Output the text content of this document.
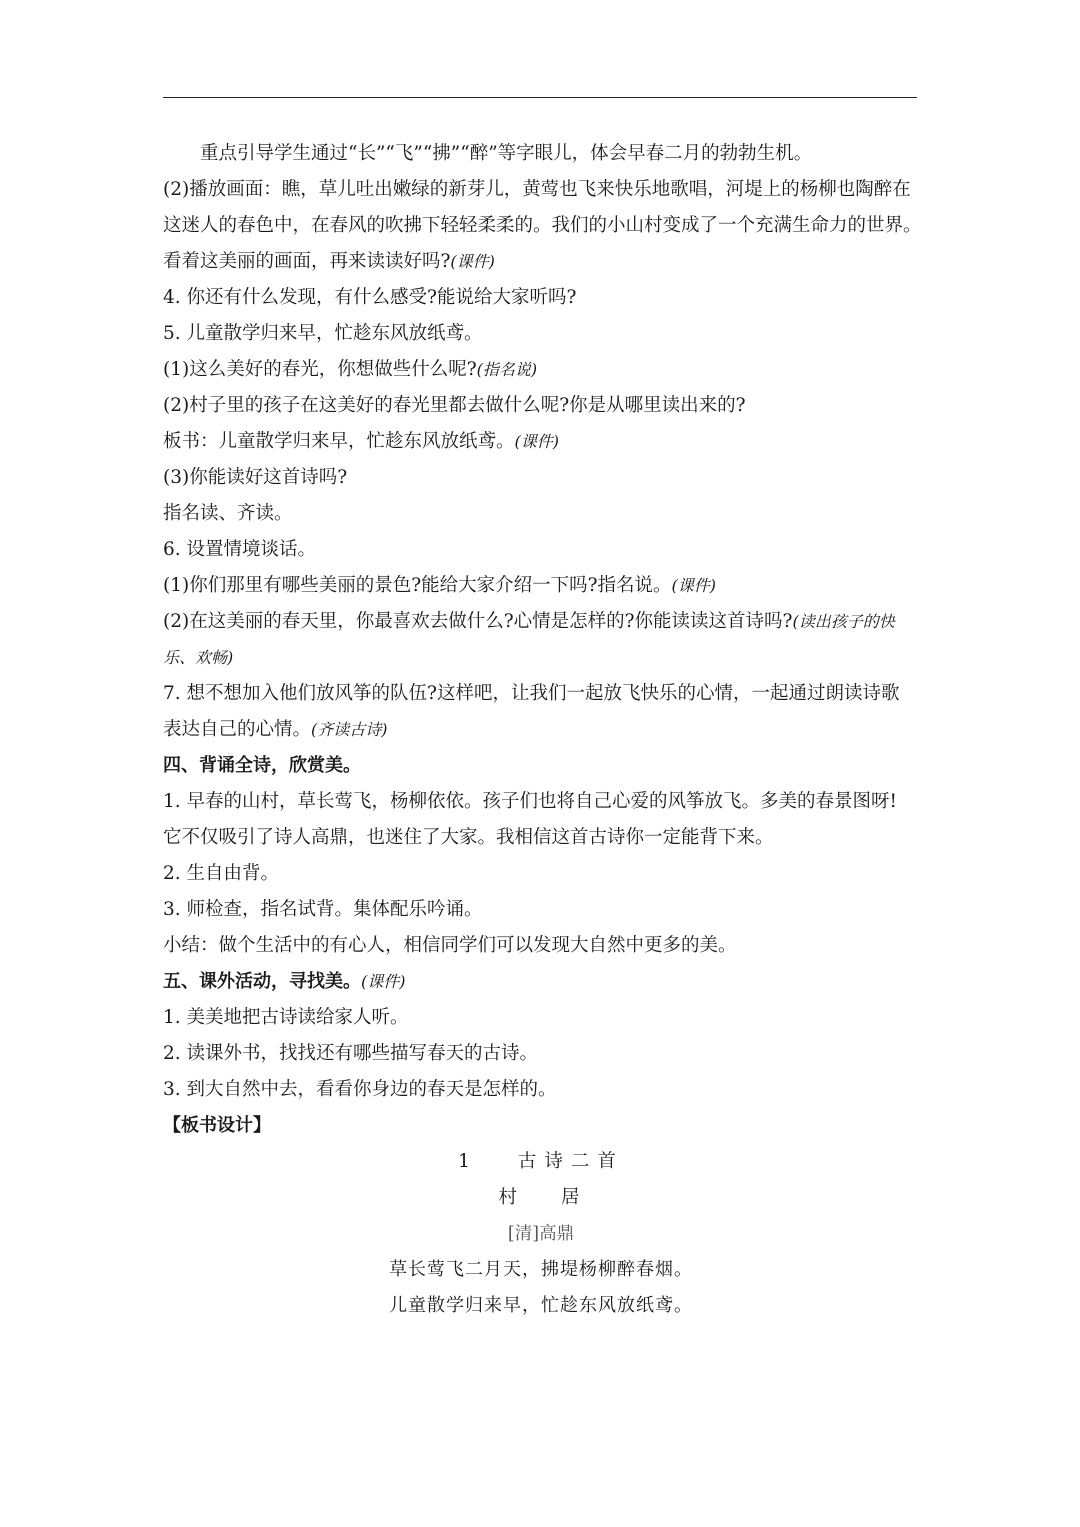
重点引导学生通过“长”“飞”“拂”“醉”等字眼儿，体会早春二月的勃勃生机。
(2)播放画面：瞧，草儿吐出嫩绿的新芽儿，黄莺也飞来快乐地歌唱，河堤上的杨柳也陶醉在
这迷人的春色中，在春风的吹拂下轻轻柔柔的。我们的小山村变成了一个充满生命力的世界。
看着这美丽的画面，再来读读好吗?(课件)
4. 你还有什么发现，有什么感受?能说给大家听吗?
5. 儿童散学归来早，忙趁东风放纸鸢。
(1)这么美好的春光，你想做些什么呢?(指名说)
(2)村子里的孩子在这美好的春光里都去做什么呢?你是从哪里读出来的?
板书：儿童散学归来早，忙趁东风放纸鸢。(课件)
(3)你能读好这首诗吗?
指名读、齐读。
6. 设置情境谈话。
(1)你们那里有哪些美丽的景色?能给大家介绍一下吗?指名说。(课件)
(2)在这美丽的春天里，你最喜欢去做什么?心情是怎样的?你能读读这首诗吗?(读出孩子的快
乐、欢畅)
7. 想不想加入他们放风筝的队伍?这样吧，让我们一起放飞快乐的心情，一起通过朗读诗歌
表达自己的心情。(齐读古诗)
四、背诵全诗，欣赏美。
1. 早春的山村，草长莺飞，杨柳依依。孩子们也将自己心爱的风筝放飞。多美的春景图呀!
它不仅吸引了诗人高鼎，也迷住了大家。我相信这首古诗你一定能背下来。
2. 生自由背。
3. 师检查，指名试背。集体配乐吟诵。
小结：做个生活中的有心人，相信同学们可以发现大自然中更多的美。
五、课外活动，寻找美。(课件)
1. 美美地把古诗读给家人听。
2. 读课外书，找找还有哪些描写春天的古诗。
3. 到大自然中去，看看你身边的春天是怎样的。
【板书设计】
1 古诗二首
村 居
[清]高鼎
草长莺飞二月天，拂堤杨柳醉春烟。
儿童散学归来早，忙趁东风放纸鸢。
